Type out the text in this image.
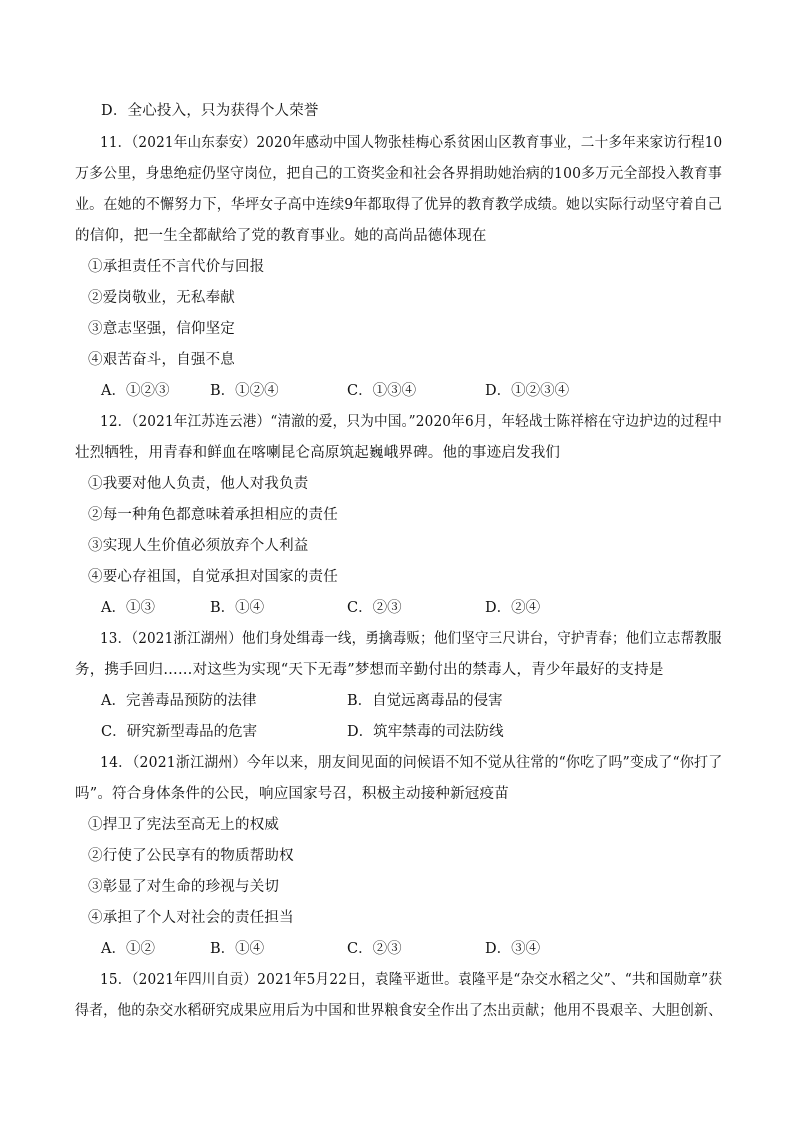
D．全心投入，只为获得个人荣誉
11．（2021年山东泰安）2020年感动中国人物张桂梅心系贫困山区教育事业，二十多年来家访行程10
万多公里，身患绝症仍坚守岗位，把自己的工资奖金和社会各界捐助她治病的100多万元全部投入教育事
业。在她的不懈努力下，华坪女子高中连续9年都取得了优异的教育教学成绩。她以实际行动坚守着自己
的信仰，把一生全都献给了党的教育事业。她的高尚品德体现在
①承担责任不言代价与回报
②爱岗敬业，无私奉献
③意志坚强，信仰坚定
④艰苦奋斗，自强不息
A．①②③	B．①②④	C．①③④	D．①②③④
12．（2021年江苏连云港）“清澈的爱，只为中国。”2020年6月，年轻战士陈祥榕在守边护边的过程中
壮烈牺牲，用青春和鲜血在喀喇昆仑高原筑起巍峨界碑。他的事迹启发我们
①我要对他人负责，他人对我负责
②每一种角色都意味着承担相应的责任
③实现人生价值必须放弃个人利益
④要心存祖国，自觉承担对国家的责任
A．①③	B．①④	C．②③	D．②④
13．（2021浙江湖州）他们身处缉毒一线，勇擒毒贩；他们坚守三尺讲台，守护青春；他们立志帮教服
务，携手回归……对这些为实现“天下无毒”梦想而辛勤付出的禁毒人，青少年最好的支持是
A．完善毒品预防的法律	B．自觉远离毒品的侵害
C．研究新型毒品的危害	D．筑牢禁毒的司法防线
14．（2021浙江湖州）今年以来，朋友间见面的问候语不知不觉从往常的“你吃了吗”变成了“你打了
吗”。符合身体条件的公民，响应国家号召，积极主动接种新冠疫苗
①捍卫了宪法至高无上的权威
②行使了公民享有的物质帮助权
③彰显了对生命的珍视与关切
④承担了个人对社会的责任担当
A．①②	B．①④	C．②③	D．③④
15．（2021年四川自贡）2021年5月22日，袁隆平逝世。袁隆平是“杂交水稻之父”、“共和国勋章”获
得者，他的杂交水稻研究成果应用后为中国和世界粮食安全作出了杰出贡献；他用不畏艰辛、大胆创新、
